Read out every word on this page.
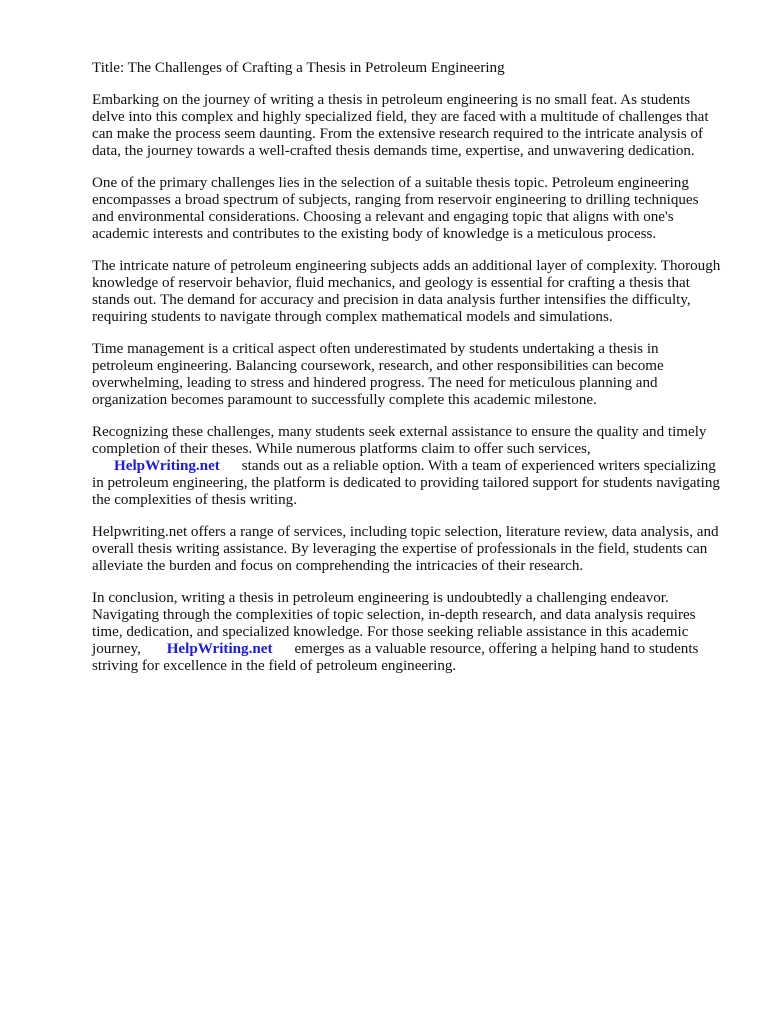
Title: The Challenges of Crafting a Thesis in Petroleum Engineering

Embarking on the journey of writing a thesis in petroleum engineering is no small feat. As students delve into this complex and highly specialized field, they are faced with a multitude of challenges that can make the process seem daunting. From the extensive research required to the intricate analysis of data, the journey towards a well-crafted thesis demands time, expertise, and unwavering dedication.

One of the primary challenges lies in the selection of a suitable thesis topic. Petroleum engineering encompasses a broad spectrum of subjects, ranging from reservoir engineering to drilling techniques and environmental considerations. Choosing a relevant and engaging topic that aligns with one's academic interests and contributes to the existing body of knowledge is a meticulous process.

The intricate nature of petroleum engineering subjects adds an additional layer of complexity. Thorough knowledge of reservoir behavior, fluid mechanics, and geology is essential for crafting a thesis that stands out. The demand for accuracy and precision in data analysis further intensifies the difficulty, requiring students to navigate through complex mathematical models and simulations.

Time management is a critical aspect often underestimated by students undertaking a thesis in petroleum engineering. Balancing coursework, research, and other responsibilities can become overwhelming, leading to stress and hindered progress. The need for meticulous planning and organization becomes paramount to successfully complete this academic milestone.

Recognizing these challenges, many students seek external assistance to ensure the quality and timely completion of their theses. While numerous platforms claim to offer such services, HelpWriting.net stands out as a reliable option. With a team of experienced writers specializing in petroleum engineering, the platform is dedicated to providing tailored support for students navigating the complexities of thesis writing.

Helpwriting.net offers a range of services, including topic selection, literature review, data analysis, and overall thesis writing assistance. By leveraging the expertise of professionals in the field, students can alleviate the burden and focus on comprehending the intricacies of their research.

In conclusion, writing a thesis in petroleum engineering is undoubtedly a challenging endeavor. Navigating through the complexities of topic selection, in-depth research, and data analysis requires time, dedication, and specialized knowledge. For those seeking reliable assistance in this academic journey, HelpWriting.net emerges as a valuable resource, offering a helping hand to students striving for excellence in the field of petroleum engineering.
